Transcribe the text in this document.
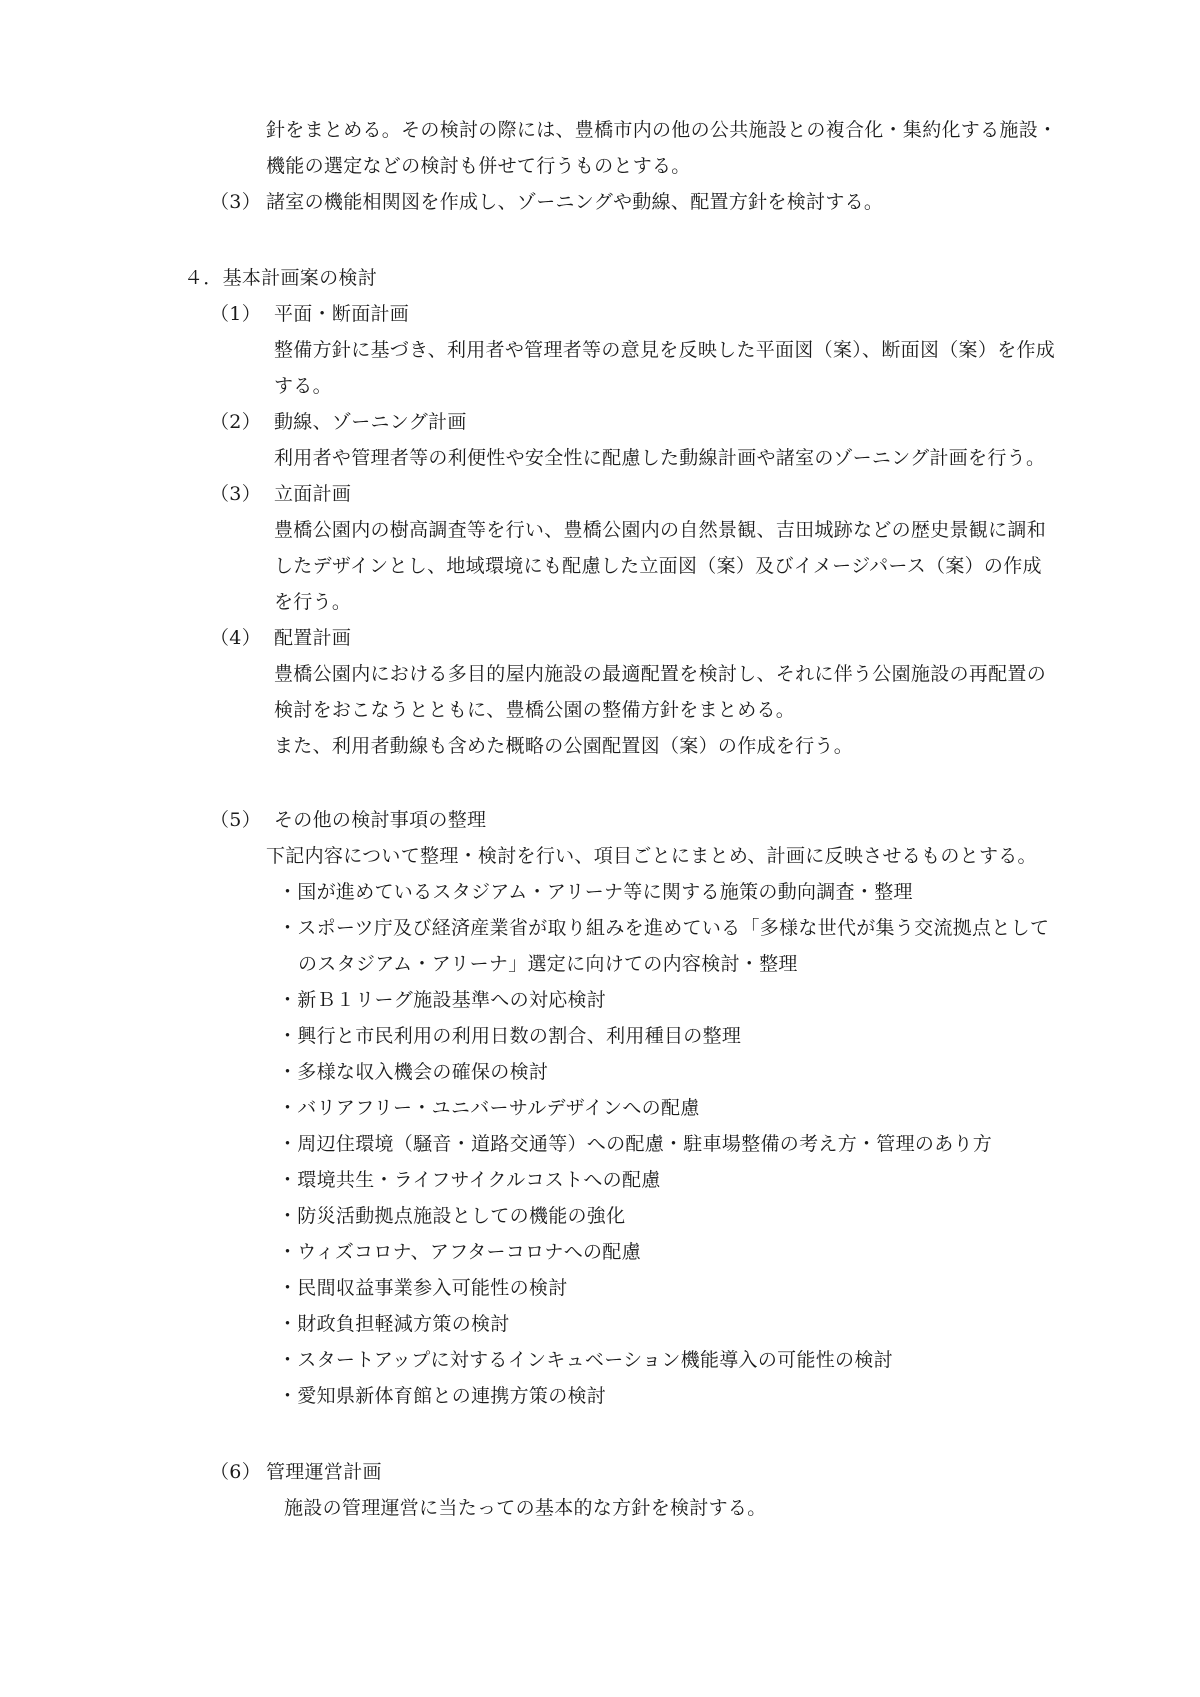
針をまとめる。その検討の際には、豊橋市内の他の公共施設との複合化・集約化する施設・
機能の選定などの検討も併せて行うものとする。
（3） 諸室の機能相関図を作成し、ゾーニングや動線、配置方針を検討する。
４．基本計画案の検討
（1） 平面・断面計画
整備方針に基づき、利用者や管理者等の意見を反映した平面図（案）、断面図（案）を作成
する。
（2） 動線、ゾーニング計画
利用者や管理者等の利便性や安全性に配慮した動線計画や諸室のゾーニング計画を行う。
（3） 立面計画
豊橋公園内の樹高調査等を行い、豊橋公園内の自然景観、吉田城跡などの歴史景観に調和
したデザインとし、地域環境にも配慮した立面図（案）及びイメージパース（案）の作成
を行う。
（4） 配置計画
豊橋公園内における多目的屋内施設の最適配置を検討し、それに伴う公園施設の再配置の
検討をおこなうとともに、豊橋公園の整備方針をまとめる。
また、利用者動線も含めた概略の公園配置図（案）の作成を行う。
（5） その他の検討事項の整理
下記内容について整理・検討を行い、項目ごとにまとめ、計画に反映させるものとする。
・国が進めているスタジアム・アリーナ等に関する施策の動向調査・整理
・スポーツ庁及び経済産業省が取り組みを進めている「多様な世代が集う交流拠点として
のスタジアム・アリーナ」選定に向けての内容検討・整理
・新Ｂ１リーグ施設基準への対応検討
・興行と市民利用の利用日数の割合、利用種目の整理
・多様な収入機会の確保の検討
・バリアフリー・ユニバーサルデザインへの配慮
・周辺住環境（騒音・道路交通等）への配慮・駐車場整備の考え方・管理のあり方
・環境共生・ライフサイクルコストへの配慮
・防災活動拠点施設としての機能の強化
・ウィズコロナ、アフターコロナへの配慮
・民間収益事業参入可能性の検討
・財政負担軽減方策の検討
・スタートアップに対するインキュベーション機能導入の可能性の検討
・愛知県新体育館との連携方策の検討
（6） 管理運営計画
施設の管理運営に当たっての基本的な方針を検討する。
